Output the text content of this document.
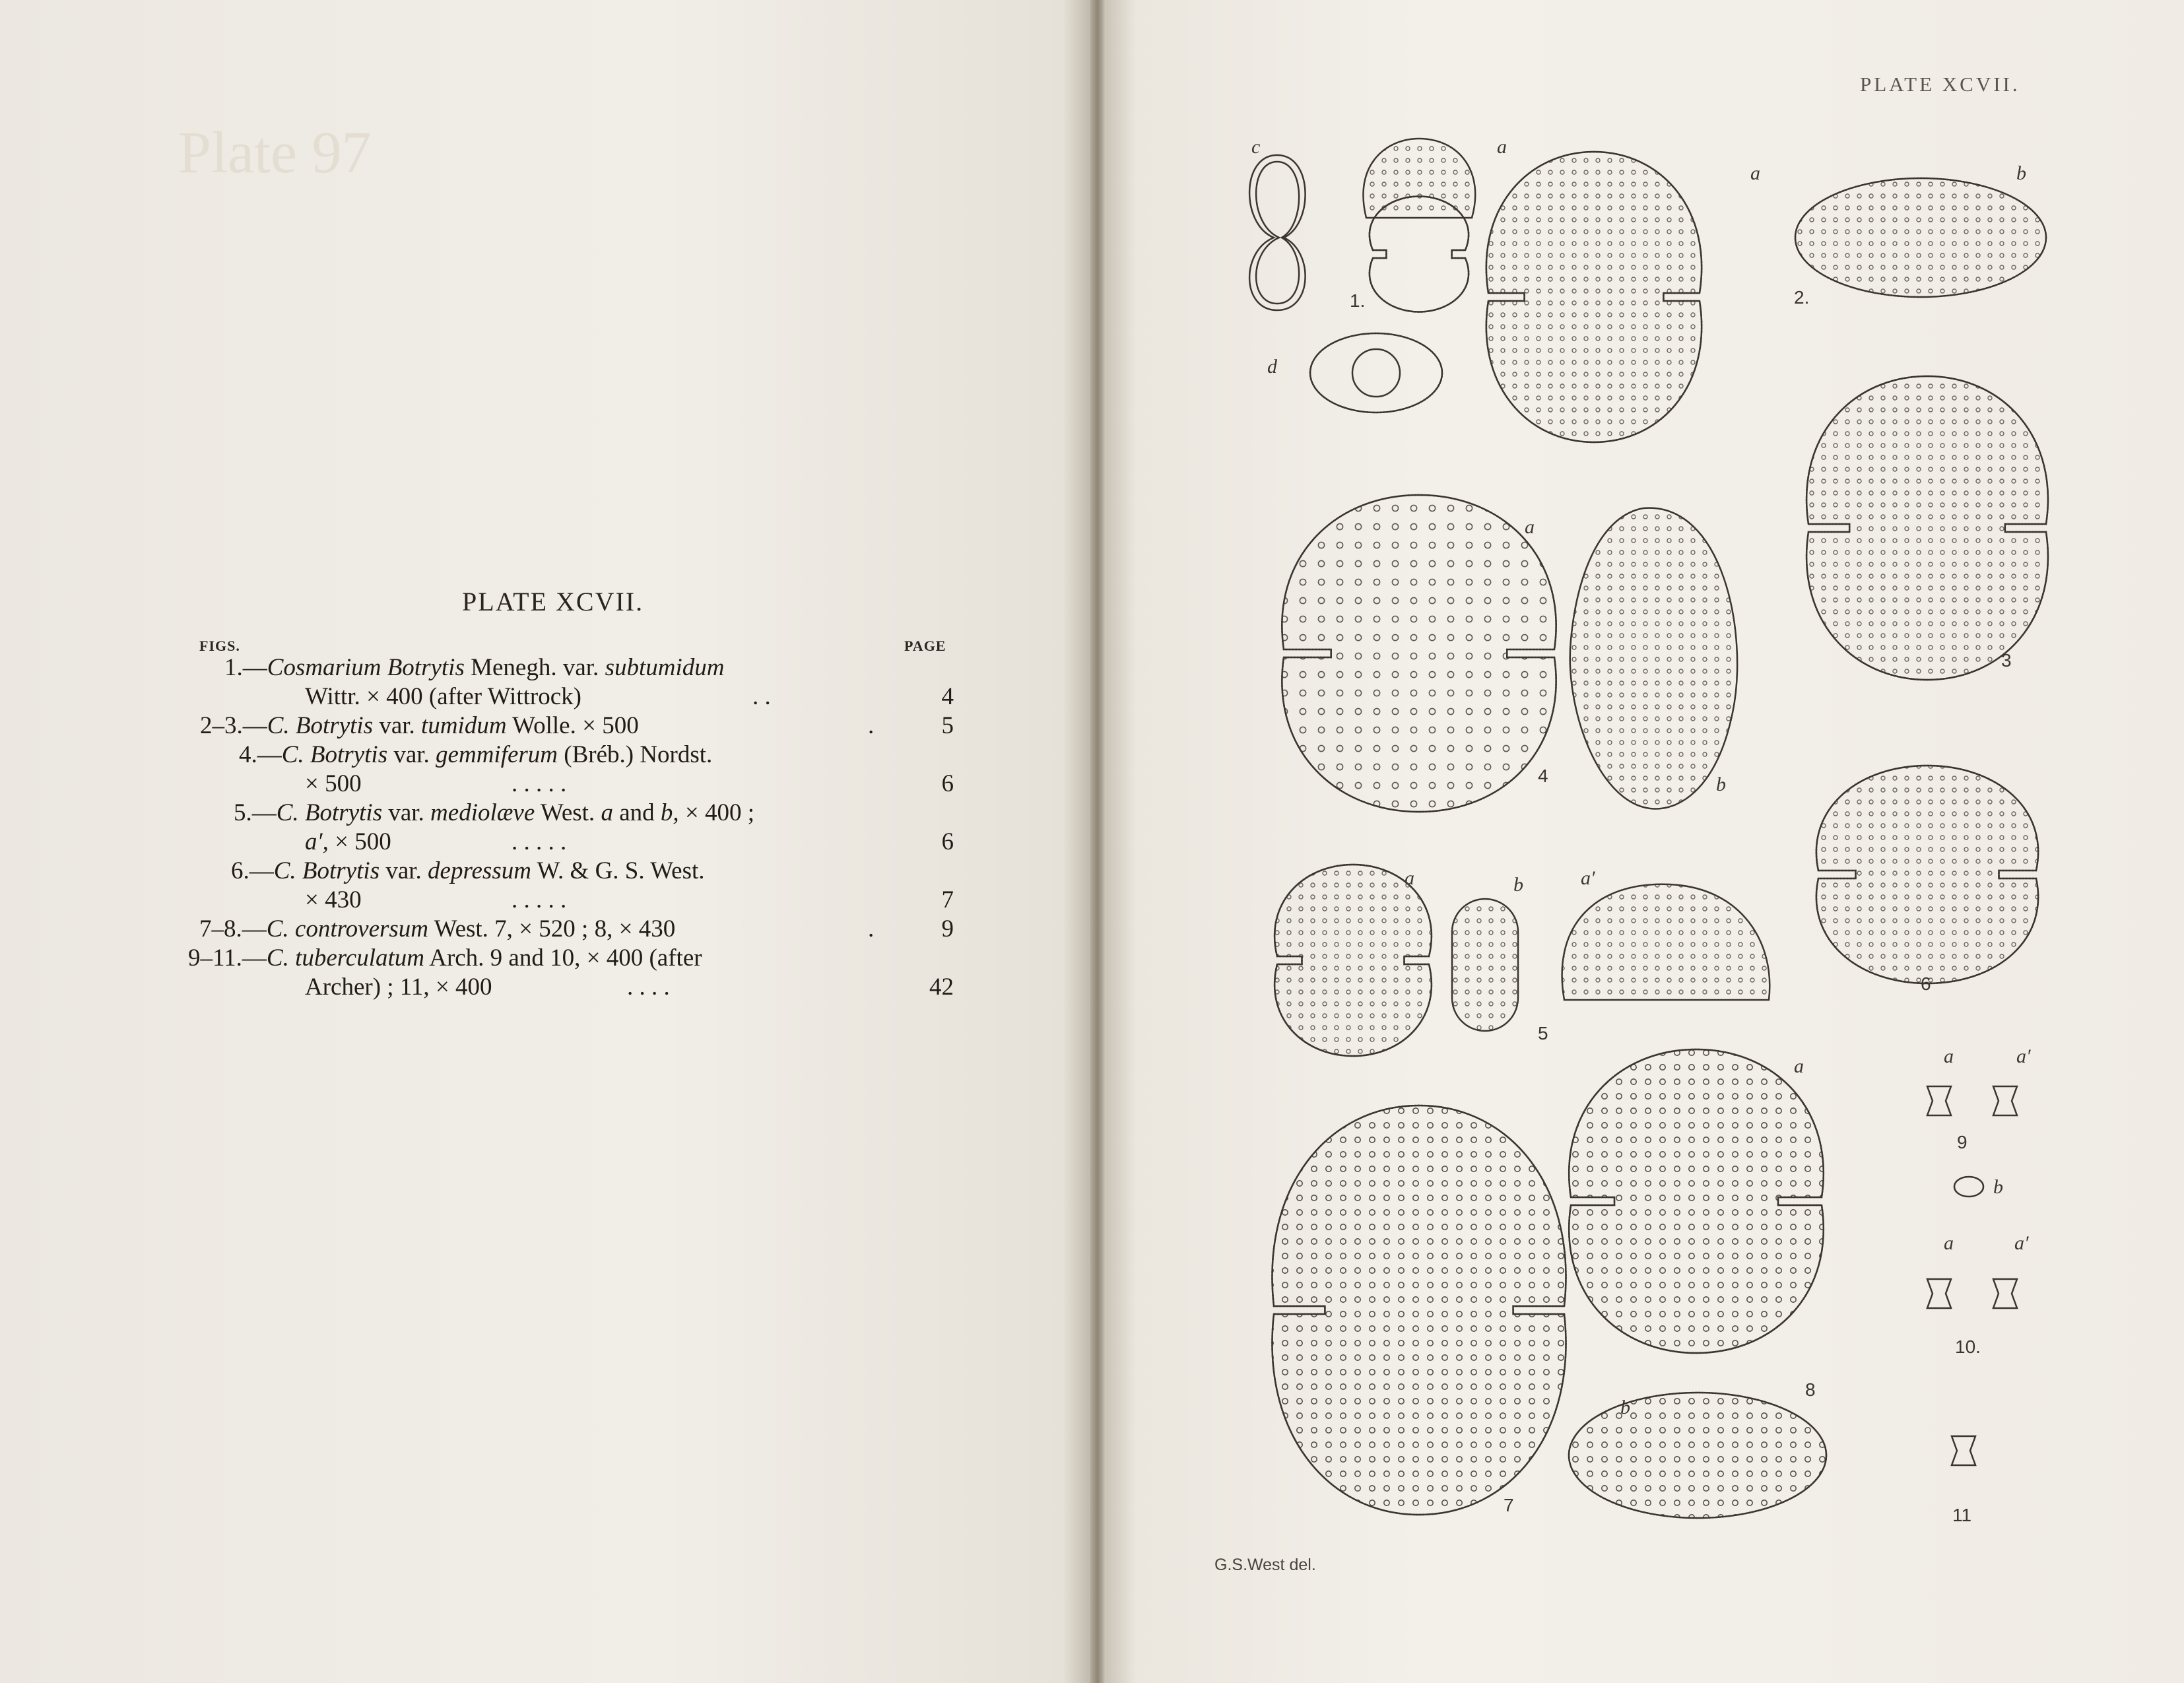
Plate 97
PLATE XCVII.
FIGS.	PAGE
1.—Cosmarium Botrytis Menegh. var. subtumidum
Wittr. × 400 (after Wittrock)	. .	4
2–3.—C. Botrytis var. tumidum Wolle. × 500	.	5
4.—C. Botrytis var. gemmiferum (Bréb.) Nordst.
× 500	. . . . .	6
5.—C. Botrytis var. mediolæve West. a and b, × 400 ;
a′, × 500	. . . . .	6
6.—C. Botrytis var. depressum W. & G. S. West.
× 430	. . . . .	7
7–8.—C. controversum West. 7, × 520 ; 8, × 430	.	9
9–11.—C. tuberculatum Arch. 9 and 10, × 400 (after
Archer) ; 11, × 400	. . . .	42
PLATE XCVII.
G.S.West del.
1.	2.
3
4
5
6
7
8
9
10.
11
a
c
d
a	b
a
b
a	b	a′
a
b
a	a′
b
a	a′
